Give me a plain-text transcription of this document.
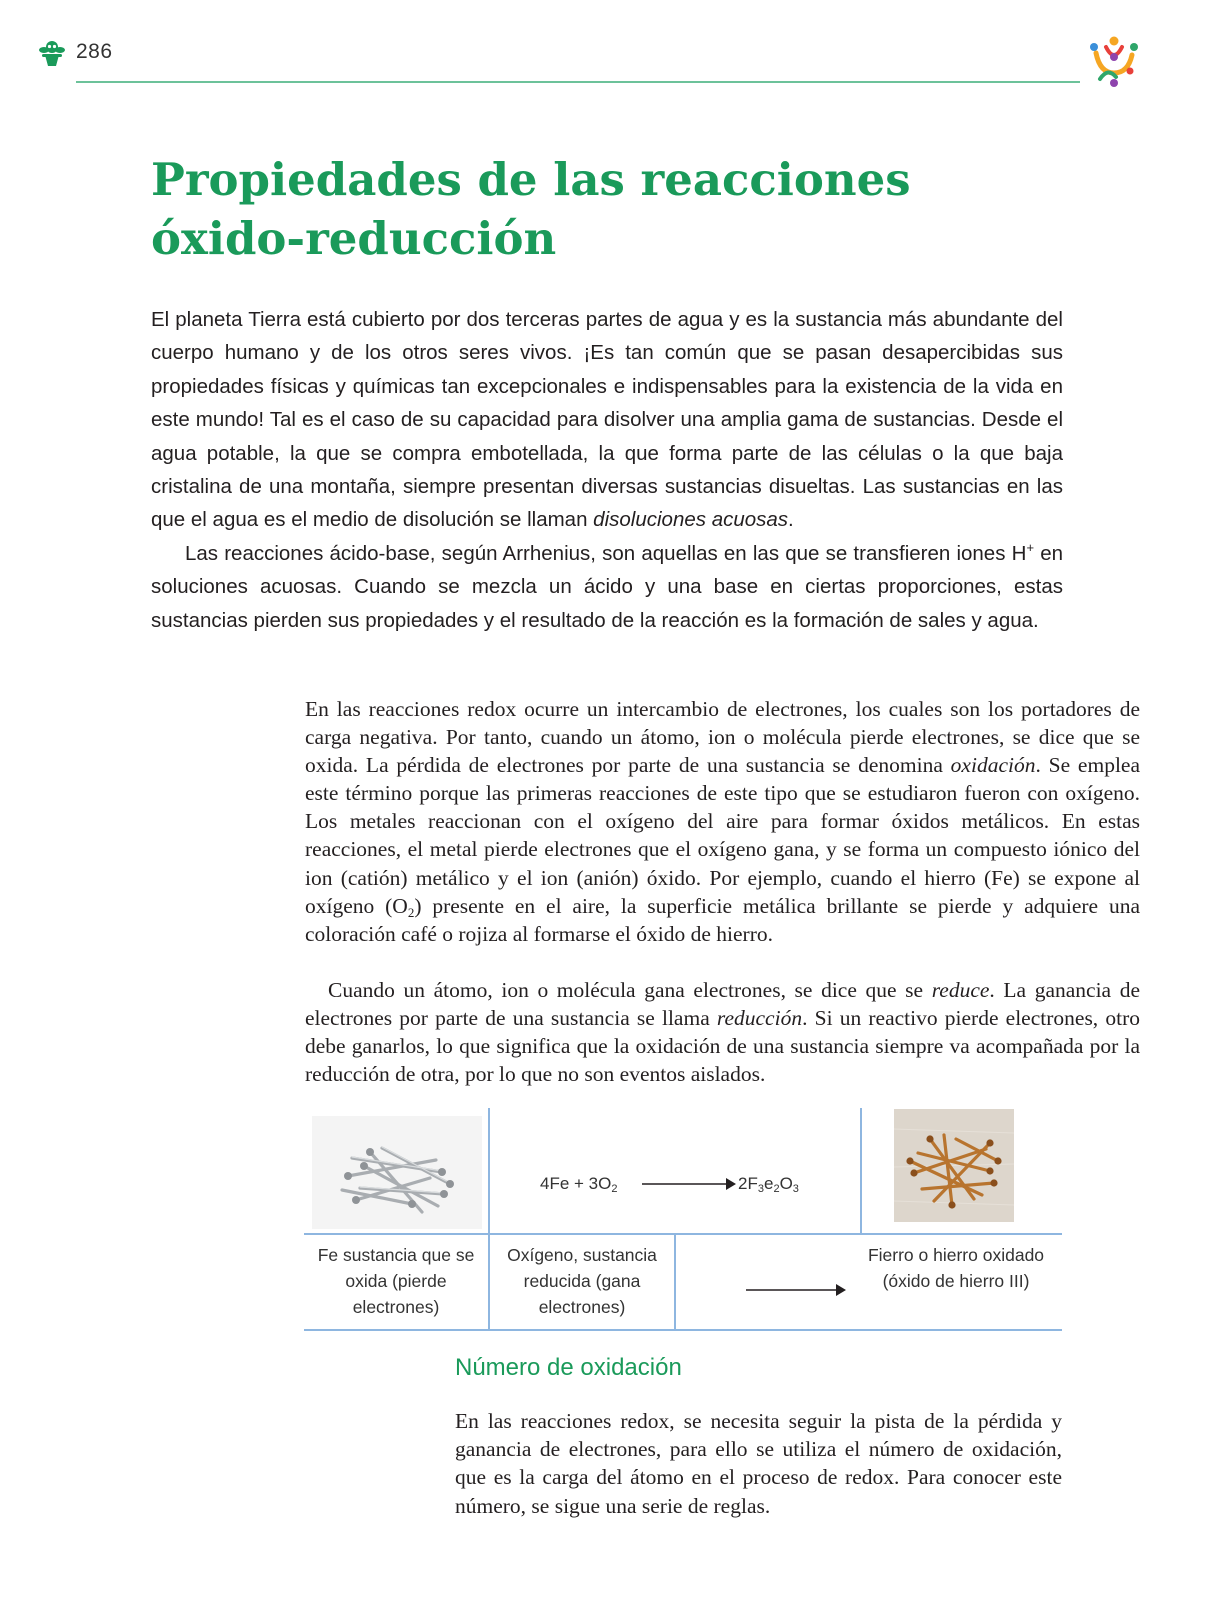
286
Propiedades de las reacciones
óxido-reducción

El planeta Tierra está cubierto por dos terceras partes de agua y es la sustancia más abundante del cuerpo humano y de los otros seres vivos. ¡Es tan común que se pasan desapercibidas sus propiedades físicas y químicas tan excepcionales e indispensables para la existencia de la vida en este mundo! Tal es el caso de su capacidad para disolver una amplia gama de sustancias. Desde el agua potable, la que se compra embotellada, la que forma parte de las células o la que baja cristalina de una montaña, siempre presentan diversas sustancias disueltas. Las sustancias en las que el agua es el medio de disolución se llaman disoluciones acuosas.

Las reacciones ácido-base, según Arrhenius, son aquellas en las que se transfieren iones H+ en soluciones acuosas. Cuando se mezcla un ácido y una base en ciertas proporciones, estas sustancias pierden sus propiedades y el resultado de la reacción es la formación de sales y agua.

En las reacciones redox ocurre un intercambio de electrones, los cuales son los portadores de carga negativa. Por tanto, cuando un átomo, ion o molécula pierde electrones, se dice que se oxida. La pérdida de electrones por parte de una sustancia se denomina oxidación. Se emplea este término porque las primeras reacciones de este tipo que se estudiaron fueron con oxígeno. Los metales reaccionan con el oxígeno del aire para formar óxidos metálicos. En estas reacciones, el metal pierde electrones que el oxígeno gana, y se forma un compuesto iónico del ion (catión) metálico y el ion (anión) óxido. Por ejemplo, cuando el hierro (Fe) se expone al oxígeno $(O_2)$ presente en el aire, la superficie metálica brillante se pierde y adquiere una coloración café o rojiza al formarse el óxido de hierro.

Cuando un átomo, ion o molécula gana electrones, se dice que se reduce. La ganancia de electrones por parte de una sustancia se llama reducción. Si un reactivo pierde electrones, otro debe ganarlos, lo que significa que la oxidación de una sustancia siempre va acompañada por la reducción de otra, por lo que no son eventos aislados.

$4Fe + 3O_2$	$2F_3e_2O_3$
Fe sustancia que se oxida (pierde electrones)
Oxígeno, sustancia reducida (gana electrones)
Fierro o hierro oxidado (óxido de hierro III)
Número de oxidación

En las reacciones redox, se necesita seguir la pista de la pérdida y ganancia de electrones, para ello se utiliza el número de oxidación, que es la carga del átomo en el proceso de redox. Para conocer este número, se sigue una serie de reglas.
